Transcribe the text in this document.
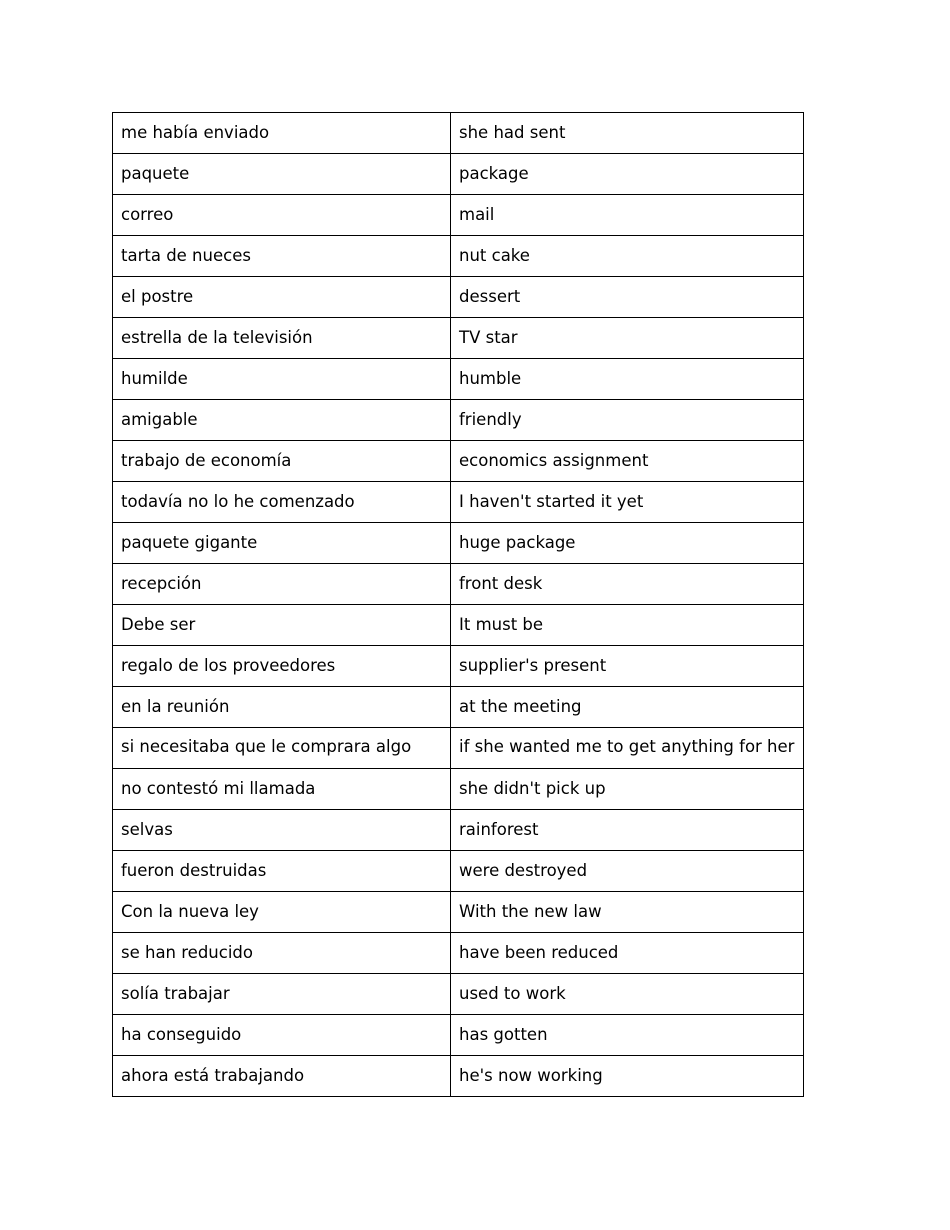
me había enviado	she had sent
paquete	package
correo	mail
tarta de nueces	nut cake
el postre	dessert
estrella de la televisión	TV star
humilde	humble
amigable	friendly
trabajo de economía	economics assignment
todavía no lo he comenzado	I haven't started it yet
paquete gigante	huge package
recepción	front desk
Debe ser	It must be
regalo de los proveedores	supplier's present
en la reunión	at the meeting
si necesitaba que le comprara algo	if she wanted me to get anything for her
no contestó mi llamada	she didn't pick up
selvas	rainforest
fueron destruidas	were destroyed
Con la nueva ley	With the new law
se han reducido	have been reduced
solía trabajar	used to work
ha conseguido	has gotten
ahora está trabajando	he's now working
